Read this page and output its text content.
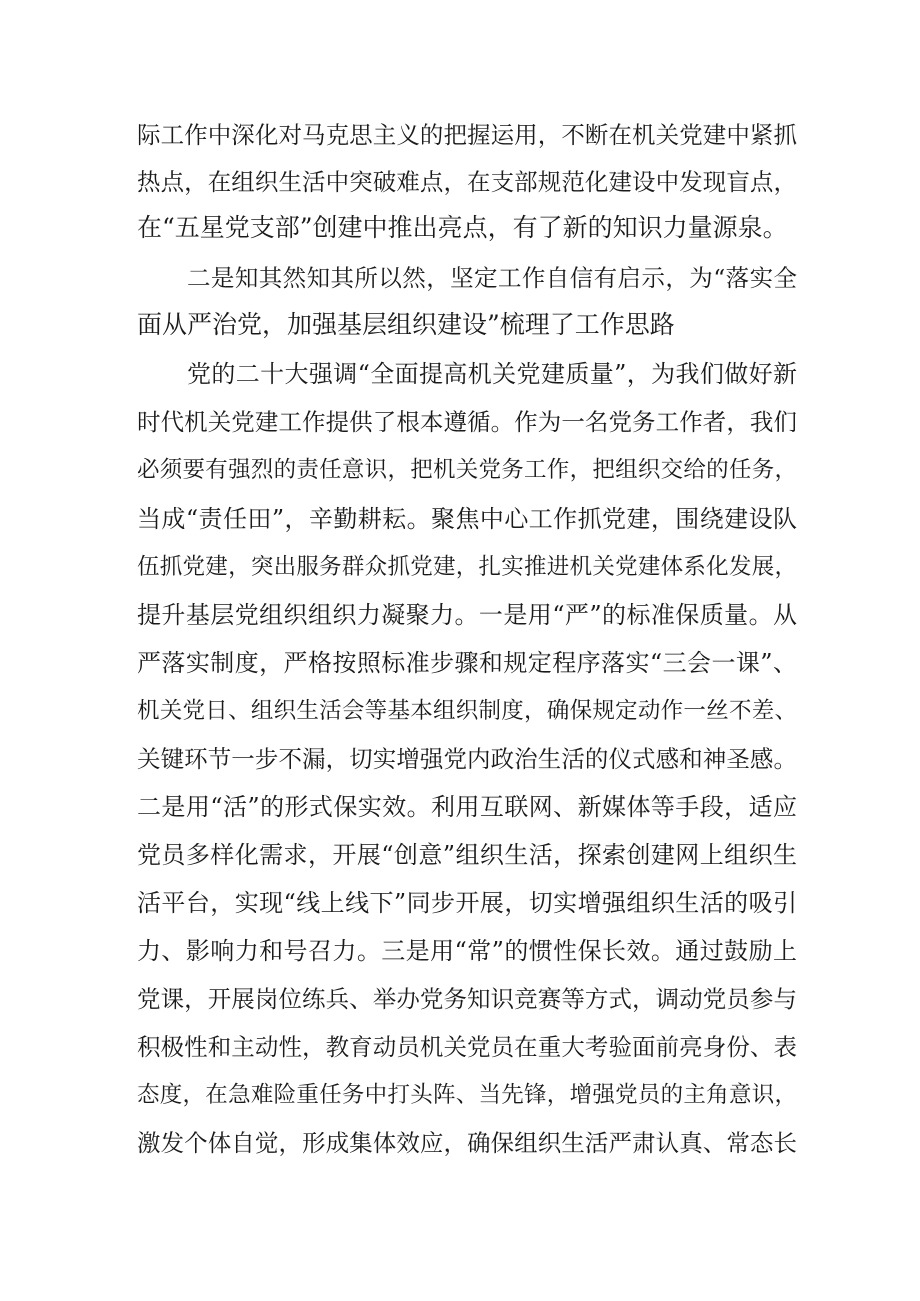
际工作中深化对马克思主义的把握运用，不断在机关党建中紧抓
热点，在组织生活中突破难点，在支部规范化建设中发现盲点，
在“五星党支部”创建中推出亮点，有了新的知识力量源泉。
二是知其然知其所以然，坚定工作自信有启示，为“落实全
面从严治党，加强基层组织建设”梳理了工作思路
党的二十大强调“全面提高机关党建质量”，为我们做好新
时代机关党建工作提供了根本遵循。作为一名党务工作者，我们
必须要有强烈的责任意识，把机关党务工作，把组织交给的任务，
当成“责任田”，辛勤耕耘。聚焦中心工作抓党建，围绕建设队
伍抓党建，突出服务群众抓党建，扎实推进机关党建体系化发展，
提升基层党组织组织力凝聚力。一是用“严”的标准保质量。从
严落实制度，严格按照标准步骤和规定程序落实“三会一课”、
机关党日、组织生活会等基本组织制度，确保规定动作一丝不差、
关键环节一步不漏，切实增强党内政治生活的仪式感和神圣感。
二是用“活”的形式保实效。利用互联网、新媒体等手段，适应
党员多样化需求，开展“创意”组织生活，探索创建网上组织生
活平台，实现“线上线下”同步开展，切实增强组织生活的吸引
力、影响力和号召力。三是用“常”的惯性保长效。通过鼓励上
党课，开展岗位练兵、举办党务知识竞赛等方式，调动党员参与
积极性和主动性，教育动员机关党员在重大考验面前亮身份、表
态度，在急难险重任务中打头阵、当先锋，增强党员的主角意识，
激发个体自觉，形成集体效应，确保组织生活严肃认真、常态长
